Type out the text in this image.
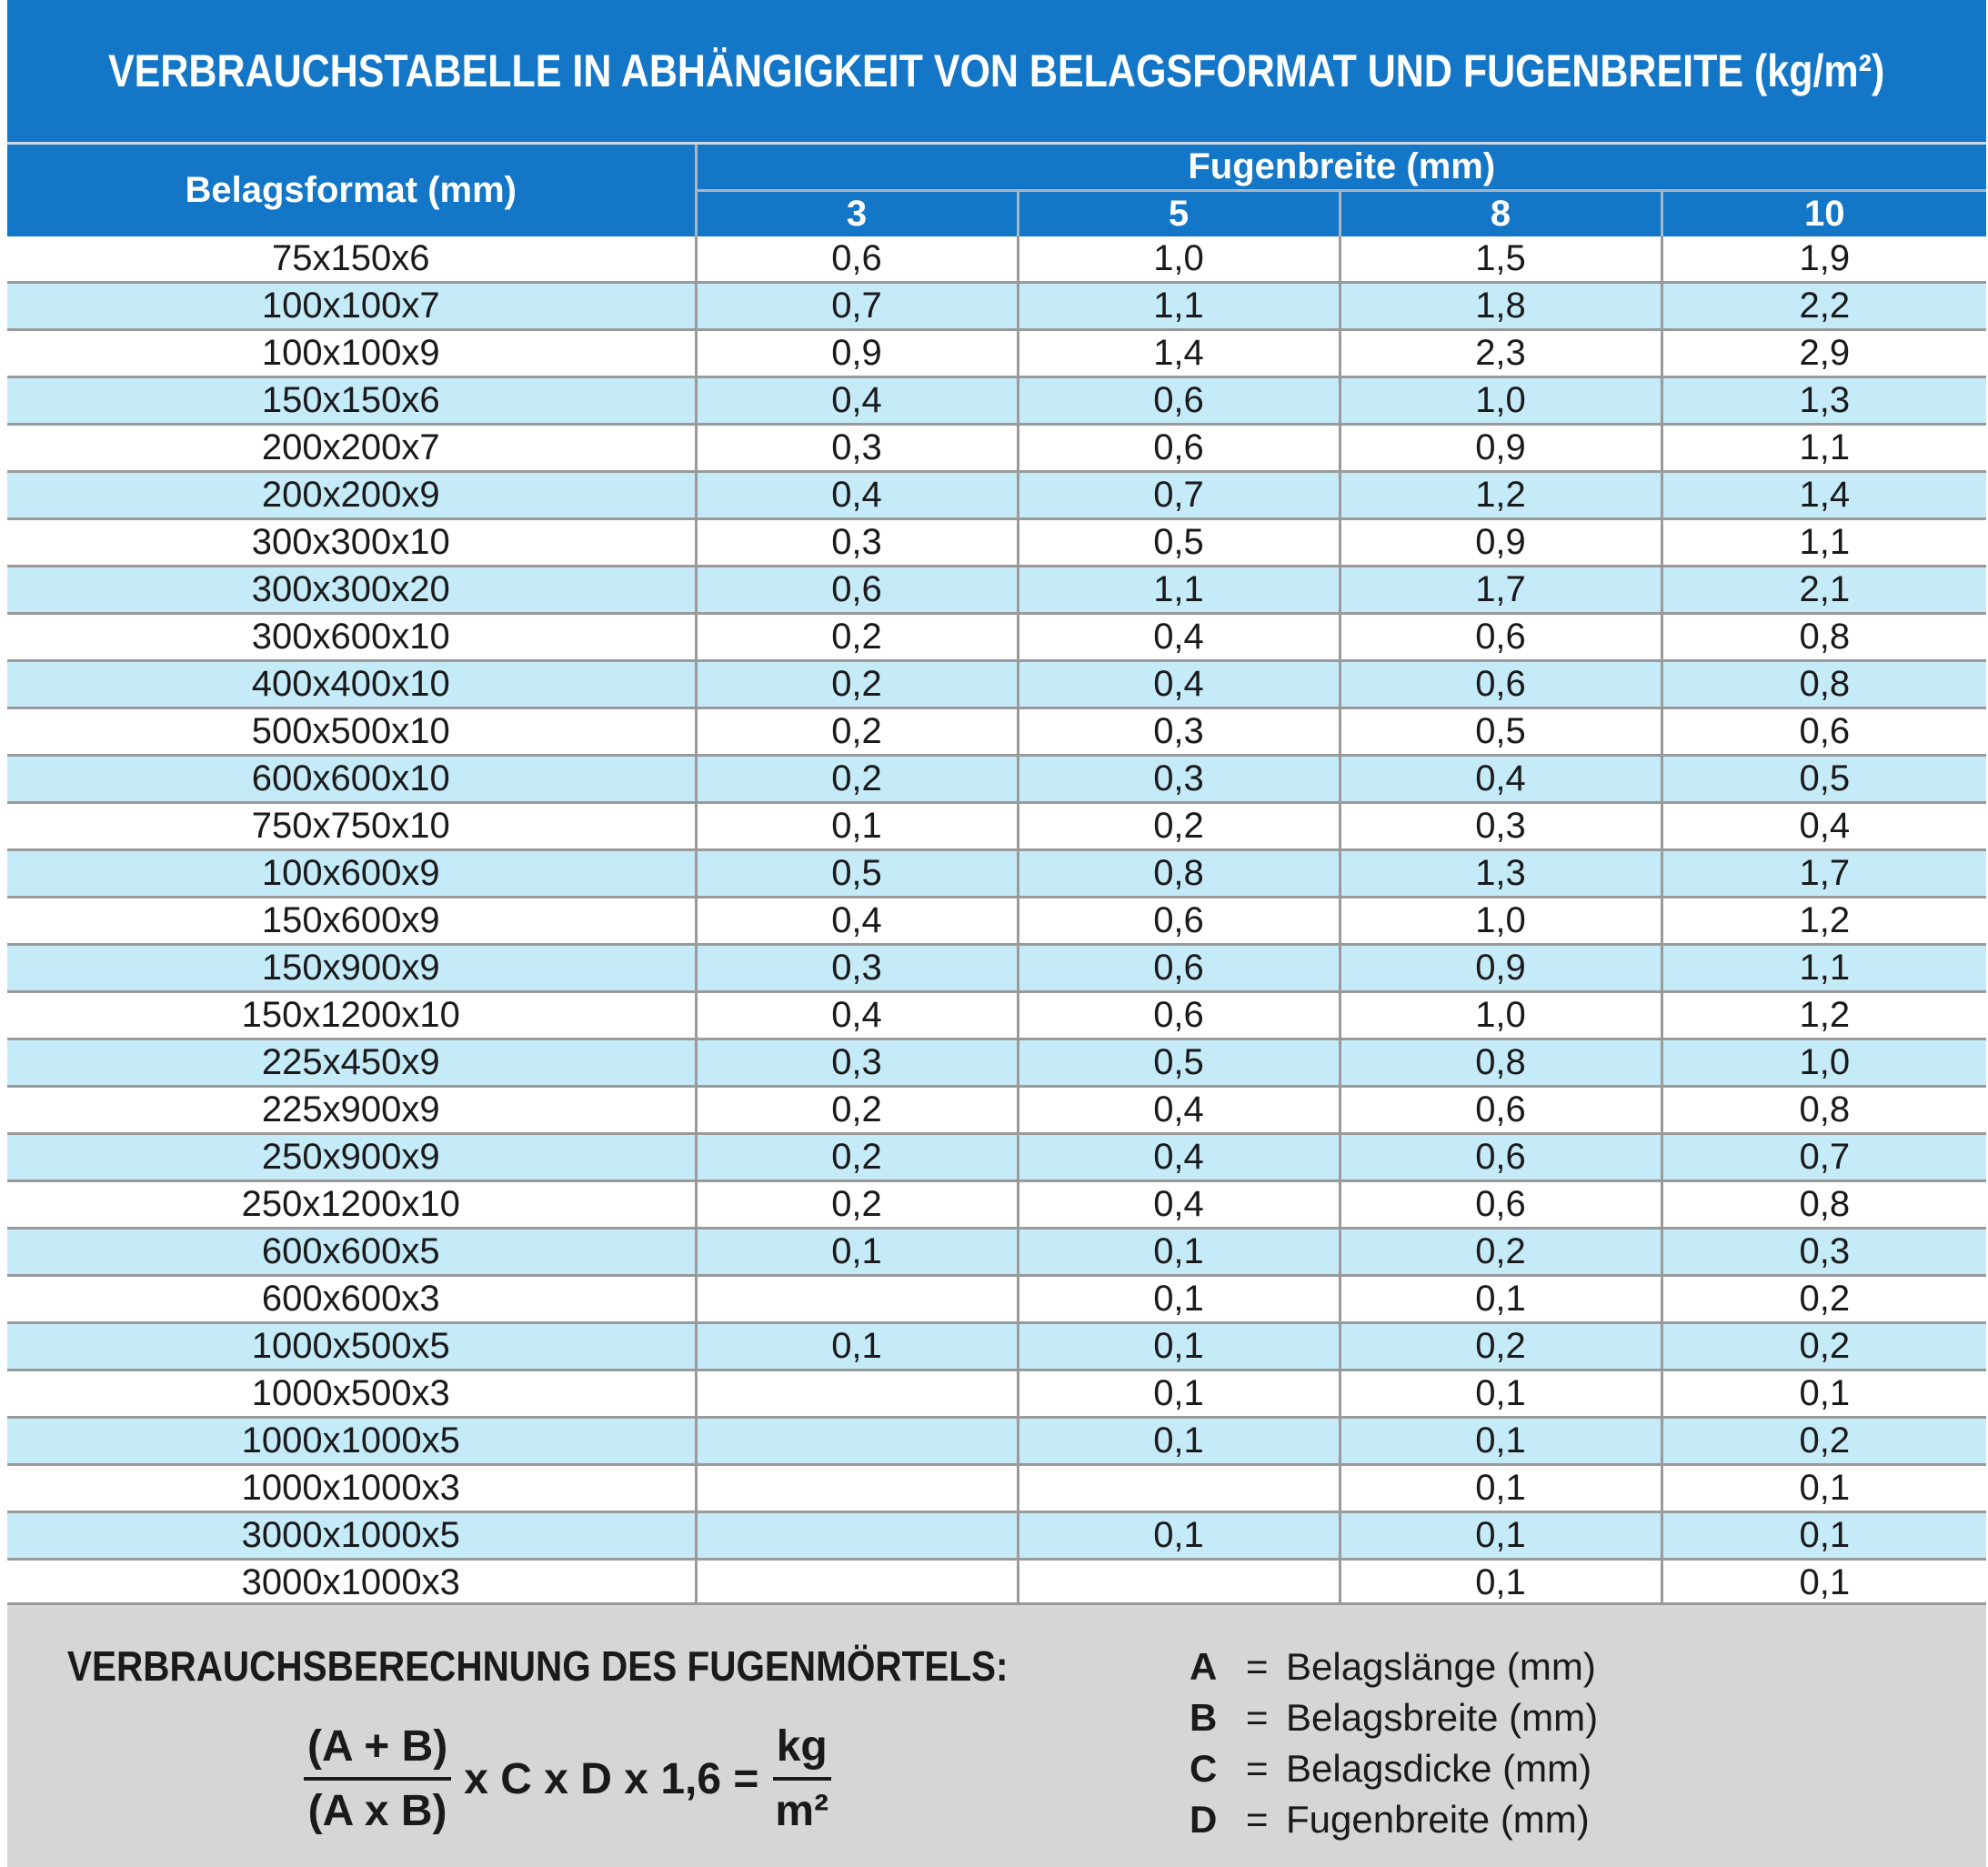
VERBRAUCHSTABELLE IN ABHÄNGIGKEIT VON BELAGSFORMAT UND FUGENBREITE (kg/m²)
Belagsformat (mm)	Fugenbreite (mm)			
	3	5	8	10
75x150x6	0,6	1,0	1,5	1,9
100x100x7	0,7	1,1	1,8	2,2
100x100x9	0,9	1,4	2,3	2,9
150x150x6	0,4	0,6	1,0	1,3
200x200x7	0,3	0,6	0,9	1,1
200x200x9	0,4	0,7	1,2	1,4
300x300x10	0,3	0,5	0,9	1,1
300x300x20	0,6	1,1	1,7	2,1
300x600x10	0,2	0,4	0,6	0,8
400x400x10	0,2	0,4	0,6	0,8
500x500x10	0,2	0,3	0,5	0,6
600x600x10	0,2	0,3	0,4	0,5
750x750x10	0,1	0,2	0,3	0,4
100x600x9	0,5	0,8	1,3	1,7
150x600x9	0,4	0,6	1,0	1,2
150x900x9	0,3	0,6	0,9	1,1
150x1200x10	0,4	0,6	1,0	1,2
225x450x9	0,3	0,5	0,8	1,0
225x900x9	0,2	0,4	0,6	0,8
250x900x9	0,2	0,4	0,6	0,7
250x1200x10	0,2	0,4	0,6	0,8
600x600x5	0,1	0,1	0,2	0,3
600x600x3		0,1	0,1	0,2
1000x500x5	0,1	0,1	0,2	0,2
1000x500x3		0,1	0,1	0,1
1000x1000x5		0,1	0,1	0,2
1000x1000x3			0,1	0,1
3000x1000x5		0,1	0,1	0,1
3000x1000x3			0,1	0,1
VERBRAUCHSBERECHNUNG DES FUGENMÖRTELS:
$\frac{(A + B)}{\text{(A x B)}}$ x C x D x $1,6 = \frac{kg}{\text{m²}}$
A = Belagslänge (mm)
B = Belagsbreite (mm)
C = Belagsdicke (mm)
D = Fugenbreite (mm)
